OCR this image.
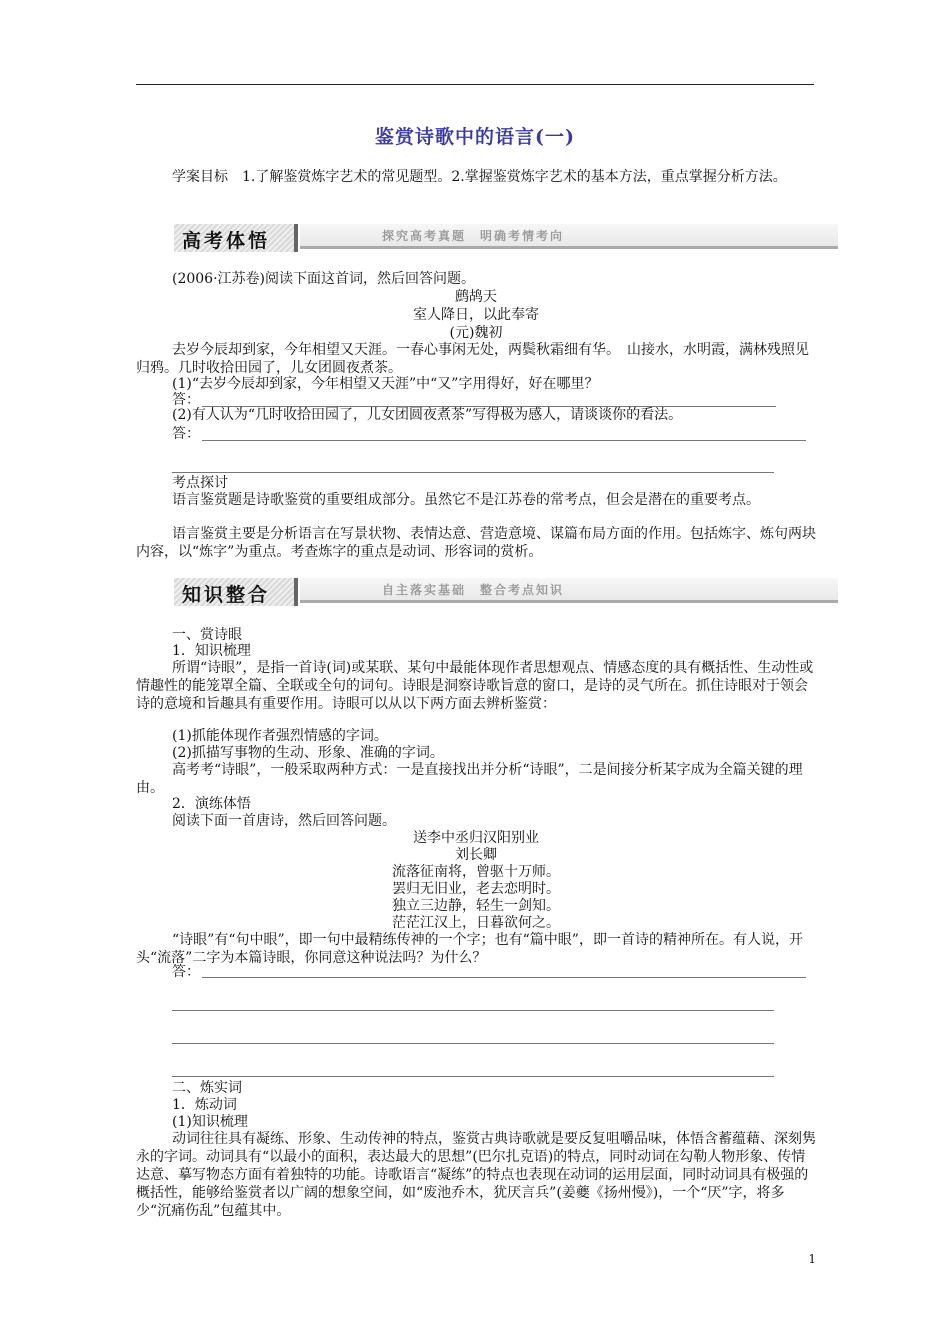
鉴赏诗歌中的语言(一)

学案目标　1.了解鉴赏炼字艺术的常见题型。2.掌握鉴赏炼字艺术的基本方法，重点掌握分析方法。

高考体悟	探究高考真题　明确考情考向

(2006·江苏卷)阅读下面这首词，然后回答问题。

鹧鸪天

室人降日，以此奉寄

(元)魏初

去岁今辰却到家，今年相望又天涯。一春心事闲无处，两鬓秋霜细有华。　山接水，水明霞，满林残照见归鸦。几时收拾田园了，儿女团圆夜煮茶。

(1)“去岁今辰却到家，今年相望又天涯”中“又”字用得好，好在哪里？

答：

(2)有人认为“几时收拾田园了，儿女团圆夜煮茶”写得极为感人，请谈谈你的看法。

答：

考点探讨

语言鉴赏题是诗歌鉴赏的重要组成部分。虽然它不是江苏卷的常考点，但会是潜在的重要考点。

语言鉴赏主要是分析语言在写景状物、表情达意、营造意境、谋篇布局方面的作用。包括炼字、炼句两块内容，以“炼字”为重点。考查炼字的重点是动词、形容词的赏析。

知识整合	自主落实基础　整合考点知识

一、赏诗眼

1．知识梳理

所谓“诗眼”，是指一首诗(词)或某联、某句中最能体现作者思想观点、情感态度的具有概括性、生动性或情趣性的能笼罩全篇、全联或全句的词句。诗眼是洞察诗歌旨意的窗口，是诗的灵气所在。抓住诗眼对于领会诗的意境和旨趣具有重要作用。诗眼可以从以下两方面去辨析鉴赏：

(1)抓能体现作者强烈情感的字词。

(2)抓描写事物的生动、形象、准确的字词。

高考考“诗眼”，一般采取两种方式：一是直接找出并分析“诗眼”，二是间接分析某字成为全篇关键的理由。

2．演练体悟

阅读下面一首唐诗，然后回答问题。

送李中丞归汉阳别业

刘长卿

流落征南将，曾驱十万师。

罢归无旧业，老去恋明时。

独立三边静，轻生一剑知。

茫茫江汉上，日暮欲何之。

“诗眼”有“句中眼”，即一句中最精练传神的一个字；也有“篇中眼”，即一首诗的精神所在。有人说，开头“流落”二字为本篇诗眼，你同意这种说法吗？为什么？

答：

二、炼实词

1．炼动词

(1)知识梳理

动词往往具有凝练、形象、生动传神的特点，鉴赏古典诗歌就是要反复咀嚼品味，体悟含蓄蕴藉、深刻隽永的字词。动词具有“以最小的面积，表达最大的思想”(巴尔扎克语)的特点，同时动词在勾勒人物形象、传情达意、摹写物态方面有着独特的功能。诗歌语言“凝练”的特点也表现在动词的运用层面，同时动词具有极强的概括性，能够给鉴赏者以广阔的想象空间，如“废池乔木，犹厌言兵”(姜夔《扬州慢》)，一个“厌”字，将多少“沉痛伤乱”包蕴其中。

1
